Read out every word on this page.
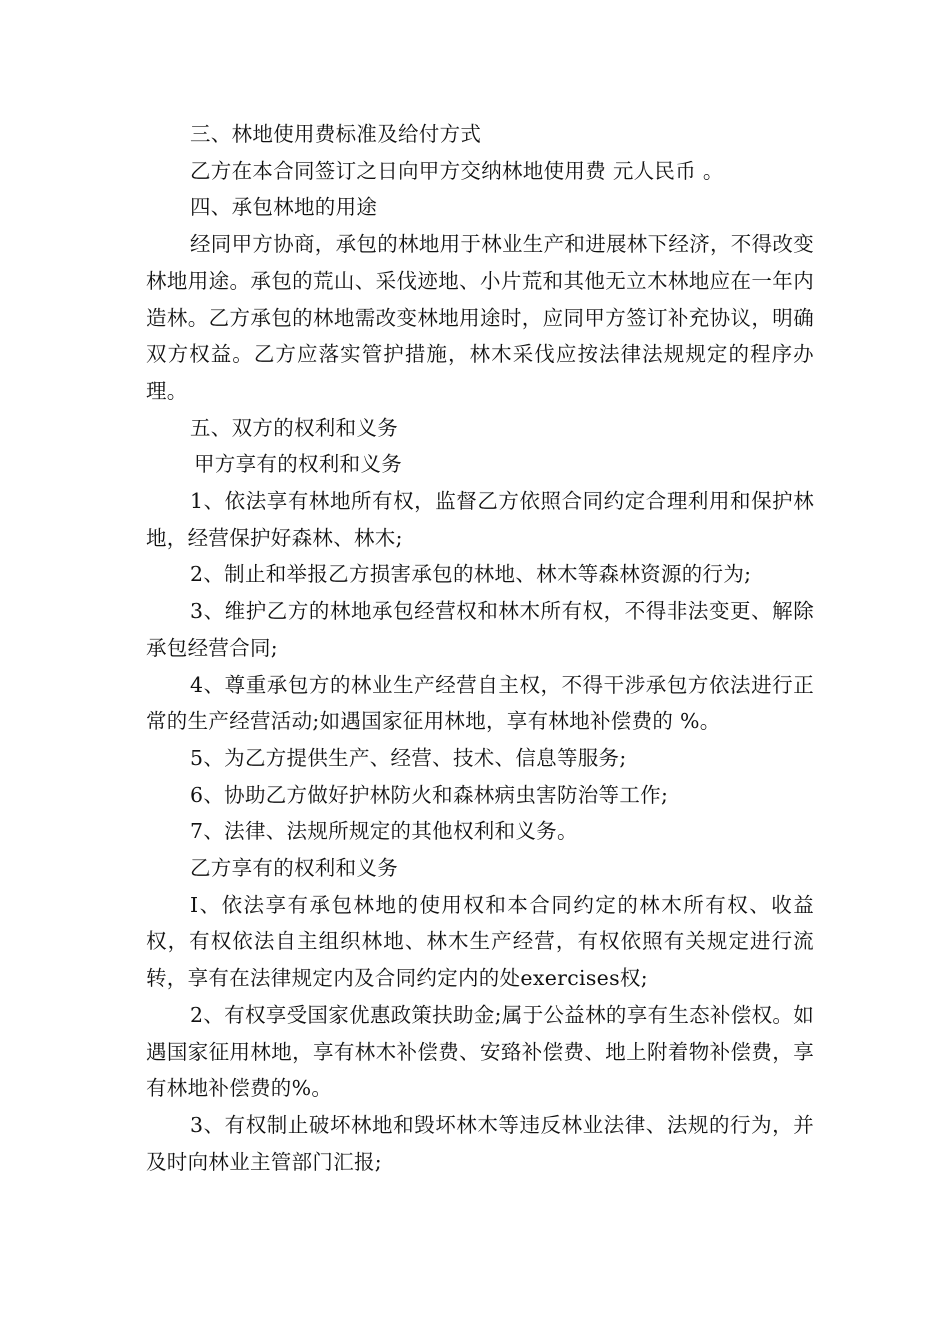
三、林地使用费标准及给付方式

乙方在本合同签订之日向甲方交纳林地使用费 元人民币 。

四、承包林地的用途

经同甲方协商，承包的林地用于林业生产和进展林下经济，不得改变林地用途。承包的荒山、采伐迹地、小片荒和其他无立木林地应在一年内造林。乙方承包的林地需改变林地用途时，应同甲方签订补充协议，明确双方权益。乙方应落实管护措施，林木采伐应按法律法规规定的程序办理。

五、双方的权利和义务

甲方享有的权利和义务

1、依法享有林地所有权，监督乙方依照合同约定合理利用和保护林地，经营保护好森林、林木;

2、制止和举报乙方损害承包的林地、林木等森林资源的行为;

3、维护乙方的林地承包经营权和林木所有权，不得非法变更、解除承包经营合同;

4、尊重承包方的林业生产经营自主权，不得干涉承包方依法进行正常的生产经营活动;如遇国家征用林地，享有林地补偿费的 %。

5、为乙方提供生产、经营、技术、信息等服务;

6、协助乙方做好护林防火和森林病虫害防治等工作;

7、法律、法规所规定的其他权利和义务。

乙方享有的权利和义务

I、依法享有承包林地的使用权和本合同约定的林木所有权、收益权，有权依法自主组织林地、林木生产经营，有权依照有关规定进行流转，享有在法律规定内及合同约定内的处exercises权;

2、有权享受国家优惠政策扶助金;属于公益林的享有生态补偿权。如遇国家征用林地，享有林木补偿费、安臵补偿费、地上附着物补偿费，享有林地补偿费的%。

3、有权制止破坏林地和毁坏林木等违反林业法律、法规的行为，并及时向林业主管部门汇报;
